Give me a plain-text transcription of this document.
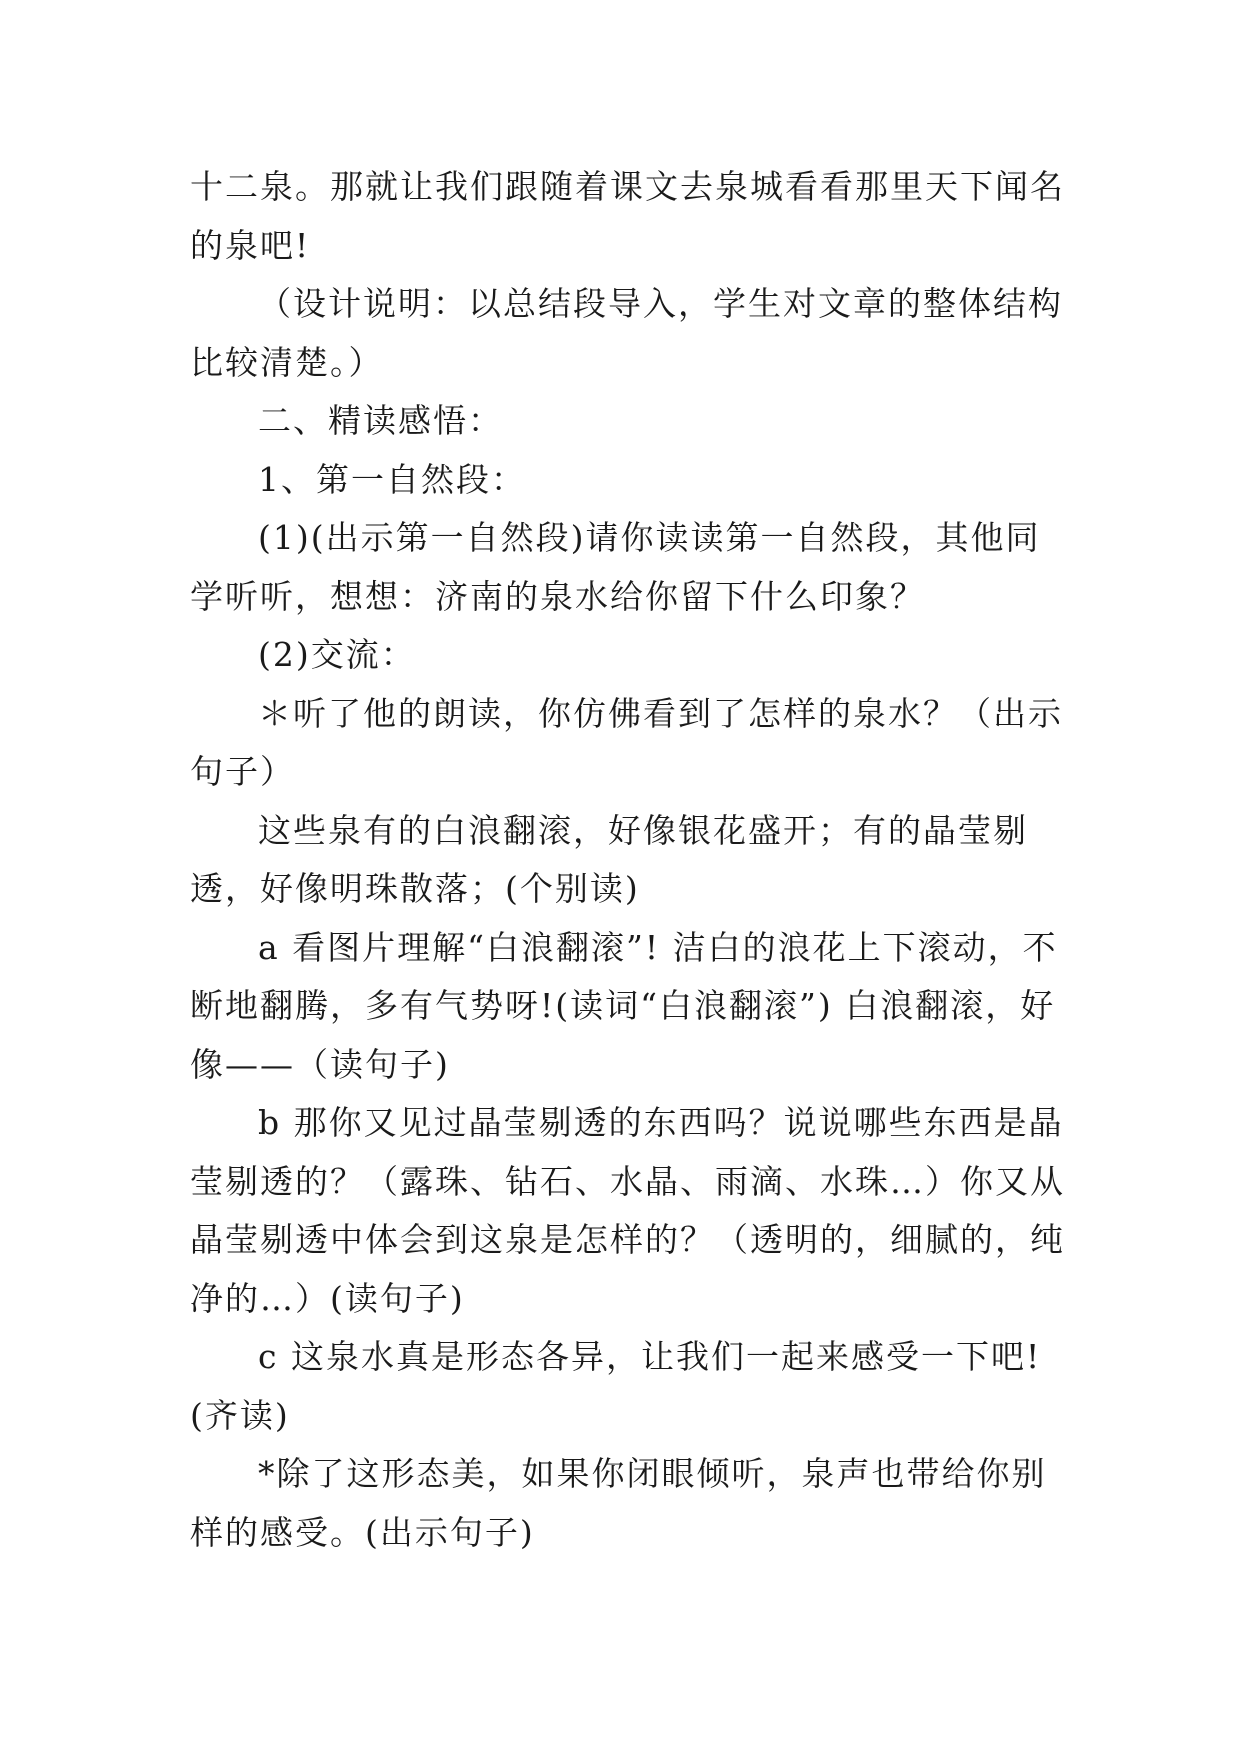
十二泉。那就让我们跟随着课文去泉城看看那里天下闻名的泉吧!

（设计说明：以总结段导入，学生对文章的整体结构比较清楚。）

二、精读感悟：

1、第一自然段：

(1)(出示第一自然段)请你读读第一自然段，其他同学听听，想想：济南的泉水给你留下什么印象？

(2)交流：

＊听了他的朗读，你仿佛看到了怎样的泉水？（出示句子）

这些泉有的白浪翻滚，好像银花盛开；有的晶莹剔透，好像明珠散落；(个别读)

a 看图片理解“白浪翻滚”! 洁白的浪花上下滚动，不断地翻腾，多有气势呀!(读词“白浪翻滚”) 白浪翻滚，好像——（读句子)

b 那你又见过晶莹剔透的东西吗？说说哪些东西是晶莹剔透的？（露珠、钻石、水晶、雨滴、水珠…）你又从晶莹剔透中体会到这泉是怎样的？（透明的，细腻的，纯净的…）(读句子)

c 这泉水真是形态各异，让我们一起来感受一下吧!(齐读)

*除了这形态美，如果你闭眼倾听，泉声也带给你别样的感受。(出示句子)
